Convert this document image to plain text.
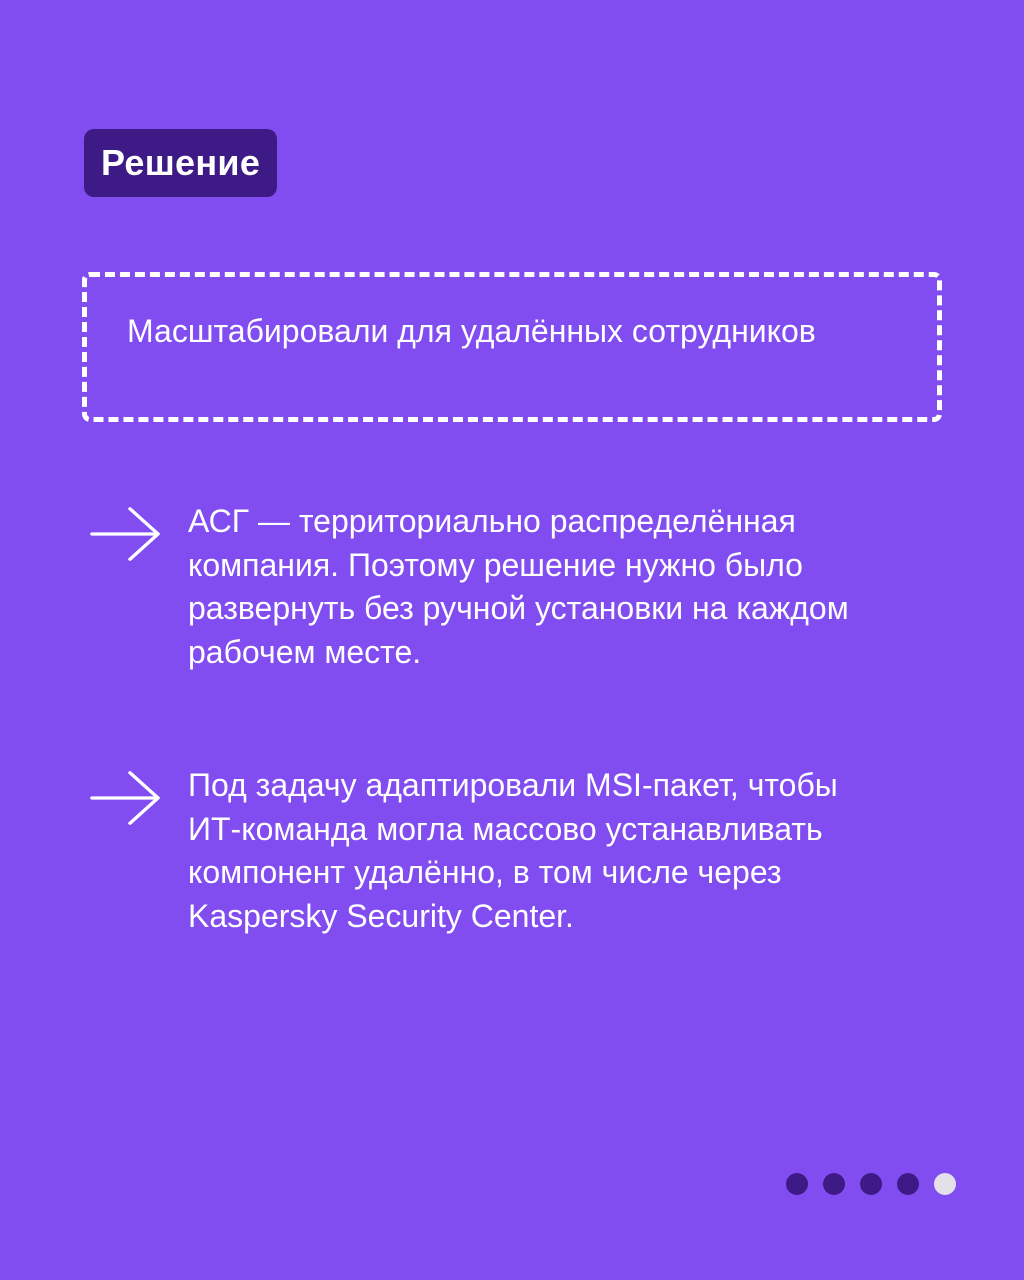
Решение
Масштабировали для удалённых сотрудников
АСГ — территориально распределённая компания. Поэтому решение нужно было развернуть без ручной установки на каждом рабочем месте.
Под задачу адаптировали MSI-пакет, чтобы ИТ-команда могла массово устанавливать компонент удалённо, в том числе через Kaspersky Security Center.
